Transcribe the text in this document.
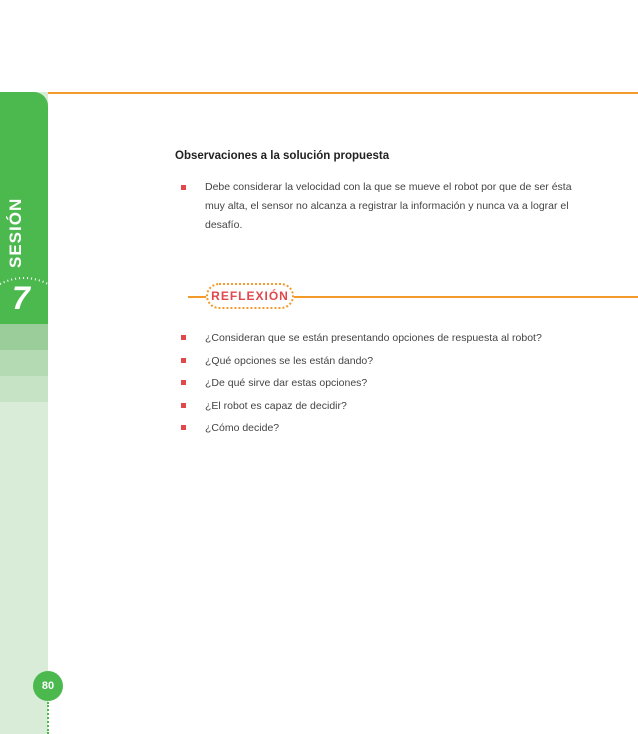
SESIÓN
7
Observaciones a la solución propuesta
Debe considerar la velocidad con la que se mueve el robot por que de ser ésta muy alta, el sensor no alcanza a registrar la información y nunca va a lograr el desafío.
REFLEXIÓN
¿Consideran que se están presentando opciones de respuesta al robot?
¿Qué opciones se les están dando?
¿De qué sirve dar estas opciones?
¿El robot es capaz de decidir?
¿Cómo decide?
80
